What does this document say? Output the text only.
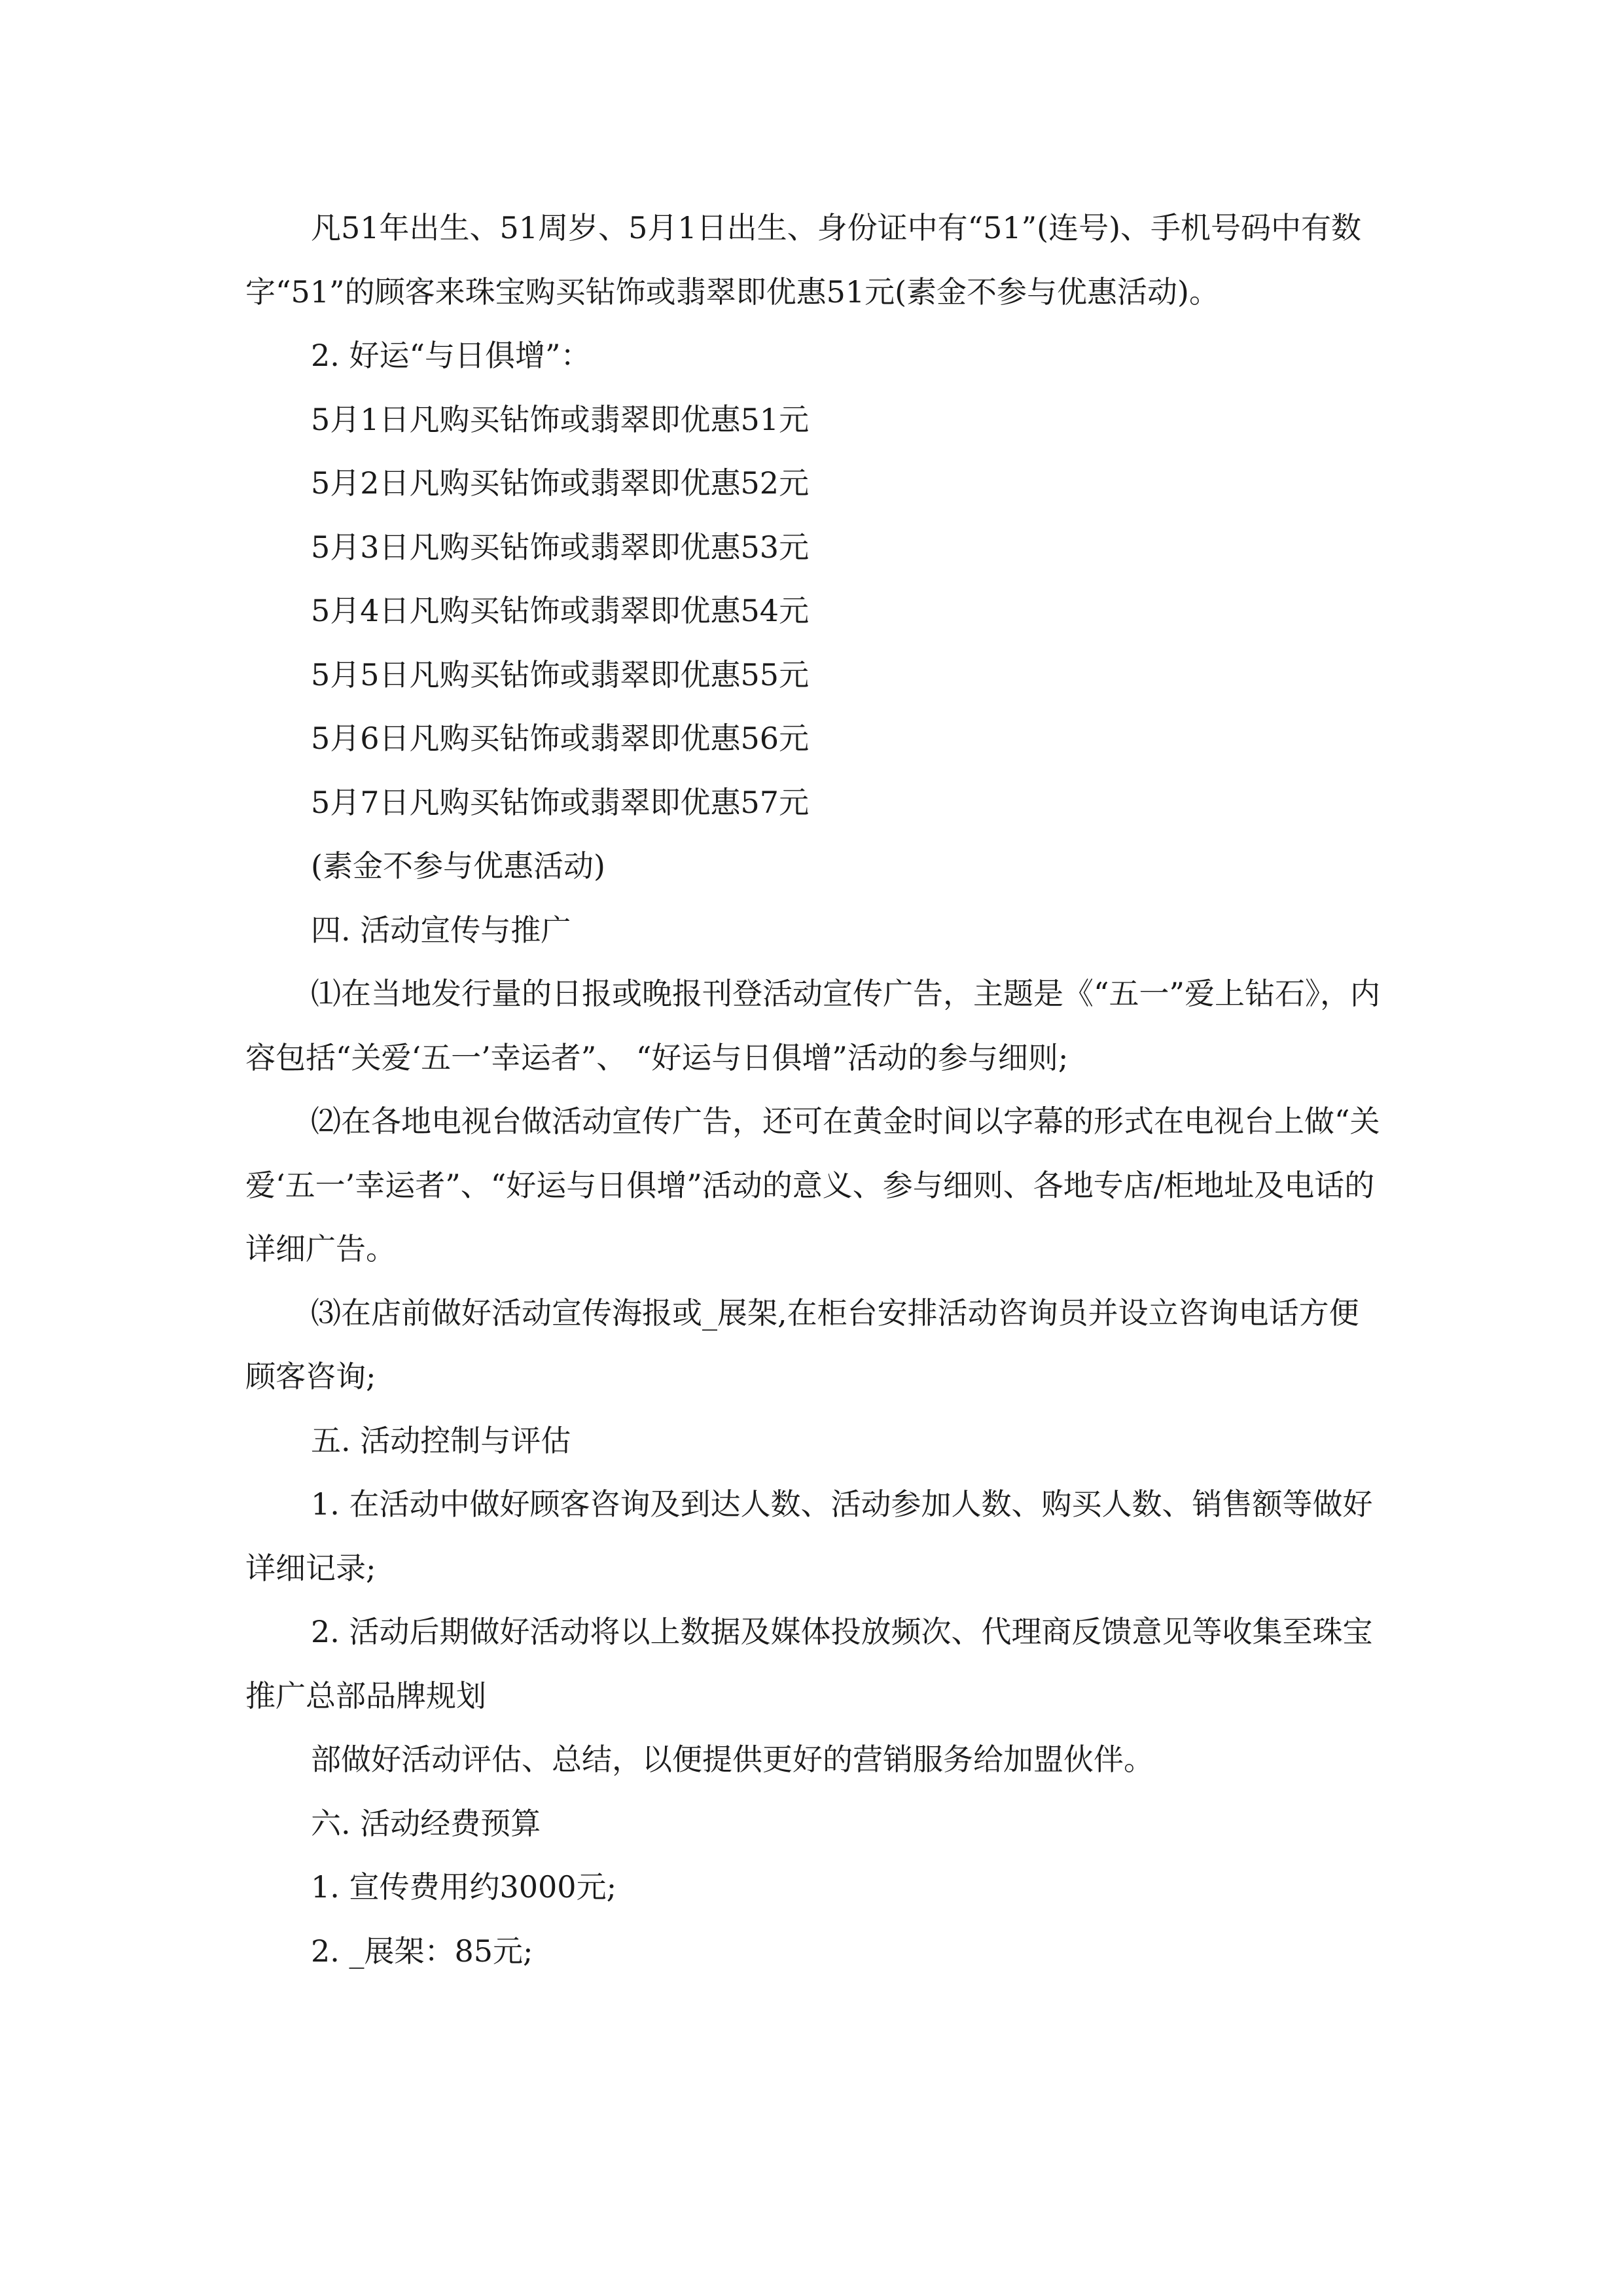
凡51年出生、51周岁、5月1日出生、身份证中有“51”(连号)、手机号码中有数字“51”的顾客来珠宝购买钻饰或翡翠即优惠51元(素金不参与优惠活动)。

2. 好运“与日俱增”：

5月1日凡购买钻饰或翡翠即优惠51元

5月2日凡购买钻饰或翡翠即优惠52元

5月3日凡购买钻饰或翡翠即优惠53元

5月4日凡购买钻饰或翡翠即优惠54元

5月5日凡购买钻饰或翡翠即优惠55元

5月6日凡购买钻饰或翡翠即优惠56元

5月7日凡购买钻饰或翡翠即优惠57元

(素金不参与优惠活动)

四. 活动宣传与推广

⑴在当地发行量的日报或晚报刊登活动宣传广告，主题是《“五一”爱上钻石》，内容包括“关爱‘五一’幸运者”、 “好运与日俱增”活动的参与细则;

⑵在各地电视台做活动宣传广告，还可在黄金时间以字幕的形式在电视台上做“关爱‘五一’幸运者”、“好运与日俱增”活动的意义、参与细则、各地专店/柜地址及电话的详细广告。

⑶在店前做好活动宣传海报或_展架,在柜台安排活动咨询员并设立咨询电话方便顾客咨询;

五. 活动控制与评估

1. 在活动中做好顾客咨询及到达人数、活动参加人数、购买人数、销售额等做好详细记录;

2. 活动后期做好活动将以上数据及媒体投放频次、代理商反馈意见等收集至珠宝推广总部品牌规划

部做好活动评估、总结，以便提供更好的营销服务给加盟伙伴。

六. 活动经费预算

1. 宣传费用约3000元;

2. _展架：85元;
